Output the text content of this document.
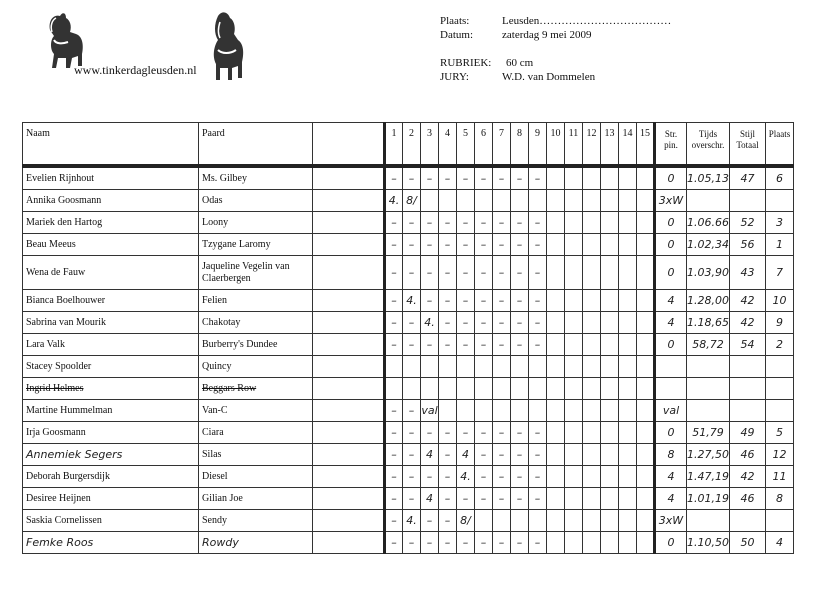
www.tinkerdagleusden.nl
Plaats:	Leusden………………………………
Datum:	zaterdag 9 mei 2009
RUBRIEK: 60 cm
JURY:	W.D. van Dommelen
Naam	Paard		1	2	3	4	5	6	7	8	9	10	11	12	13	14	15	Str. pin.	Tijds overschr.	Stijl Totaal	Plaats

Evelien Rijnhout	Ms. Gilbey		–	–	–	–	–	–	–	–	–							0	1.05,13	47	6

Annika Goosmann	Odas		4.	8/														3xW			

Mariek den Hartog	Loony		–	–	–	–	–	–	–	–	–							0	1.06.66	52	3

Beau Meeus	Tzygane Laromy		–	–	–	–	–	–	–	–	–							0	1.02,34	56	1

Wena de Fauw	Jaqueline Vegelin van Claerbergen		–	–	–	–	–	–	–	–	–							0	1.03,90	43	7

Bianca Boelhouwer	Felien		–	4.	–	–	–	–	–	–	–							4	1.28,00	42	10

Sabrina van Mourik	Chakotay		–	–	4.	–	–	–	–	–	–							4	1.18,65	42	9

Lara Valk	Burberry's Dundee		–	–	–	–	–	–	–	–	–							0	58,72	54	2

Stacey Spoolder	Quincy																				

Ingrid Helmes	Beggars Row																				

Martine Hummelman	Van-C		–	–	val													val			

Irja Goosmann	Ciara		–	–	–	–	–	–	–	–	–							0	51,79	49	5

Annemiek Segers	Silas		–	–	4	–	4	–	–	–	–							8	1.27,50	46	12

Deborah Burgersdijk	Diesel		–	–	–	–	4.	–	–	–	–							4	1.47,19	42	11

Desiree Heijnen	Gilian Joe		–	–	4	–	–	–	–	–	–							4	1.01,19	46	8

Saskia Cornelissen	Sendy		–	4.	–	–	8/											3xW			

Femke Roos	Rowdy		–	–	–	–	–	–	–	–	–							0	1.10,50	50	4
